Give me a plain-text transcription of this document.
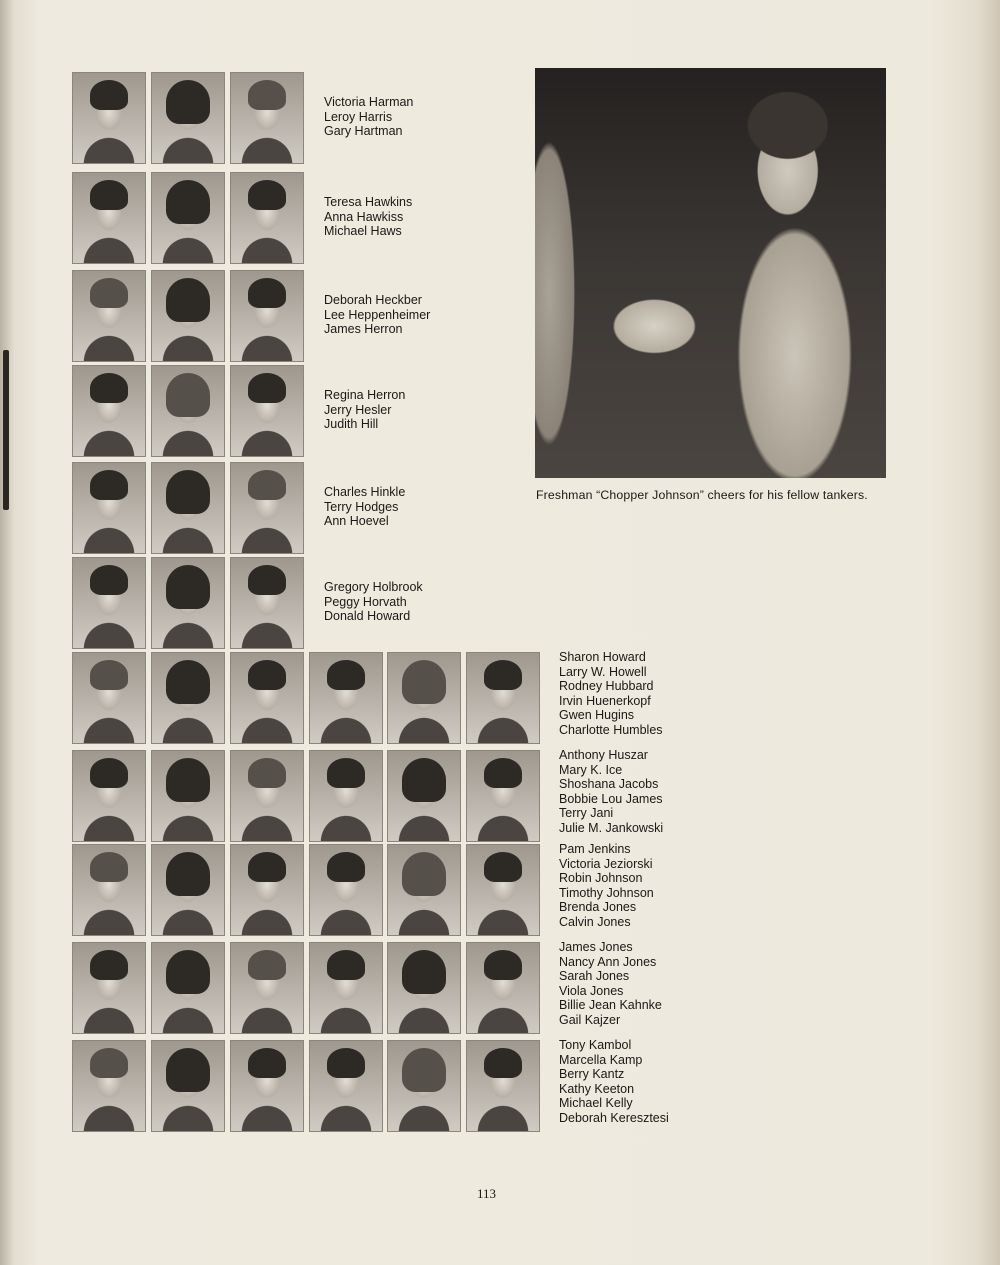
Victoria Harman
Leroy Harris
Gary Hartman
Teresa Hawkins
Anna Hawkiss
Michael Haws
Deborah Heckber
Lee Heppenheimer
James Herron
Regina Herron
Jerry Hesler
Judith Hill
Charles Hinkle
Terry Hodges
Ann Hoevel
Gregory Holbrook
Peggy Horvath
Donald Howard
Sharon Howard
Larry W. Howell
Rodney Hubbard
Irvin Huenerkopf
Gwen Hugins
Charlotte Humbles
Anthony Huszar
Mary K. Ice
Shoshana Jacobs
Bobbie Lou James
Terry Jani
Julie M. Jankowski
Pam Jenkins
Victoria Jeziorski
Robin Johnson
Timothy Johnson
Brenda Jones
Calvin Jones
James Jones
Nancy Ann Jones
Sarah Jones
Viola Jones
Billie Jean Kahnke
Gail Kajzer
Tony Kambol
Marcella Kamp
Berry Kantz
Kathy Keeton
Michael Kelly
Deborah Keresztesi
Freshman “Chopper Johnson” cheers for his fellow tankers.
113
